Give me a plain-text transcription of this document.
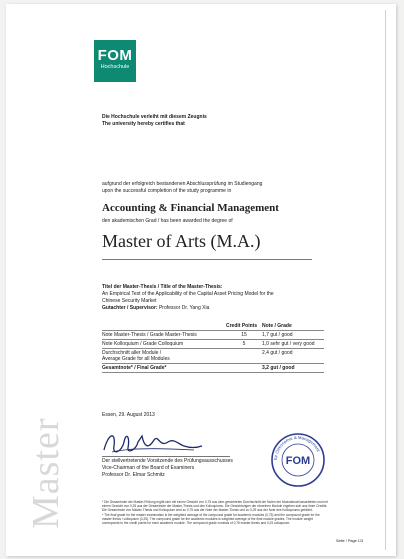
FOM
Hochschule
Die Hochschule verleiht mit diesem Zeugnis
The university hereby certifies that
aufgrund der erfolgreich bestandenen Abschlussprüfung im Studiengang
upon the successful completion of the study programme in
Accounting & Financial Management
den akademischen Grad / has been awarded the degree of
Master of Arts (M.A.)
Titel der Master-Thesis / Title of the Master-Thesis:
An Empirical Test of the Applicability of the Capital Asset Pricing Model for the
Chinese Security Market
Gutachter / Supervisor: Professor Dr. Yang Xia
	Credit Points	Note / Grade
Note Master-Thesis / Grade Master-Thesis	15	1,7 gut / good
Note Kolloquium / Grade Colloquium	5	1,0 sehr gut / very good
Durchschnitt aller Module /
Average Grade for all Modules		2,4 gut / good
Gesamtnote* / Final Grade*		3,2 gut / good
Master
Essen, 29. August 2013
Der stellvertretende Vorsitzende des Prüfungsausschusses
Vice-Chairman of the Board of Examiners
Professor Dr. Elmar Schmitz
für Oekonomie & Management
FOM
* Die Gesamtnote der Master-Prüfung ergibt sich mit einem Gewicht von 0,75 aus dem gewichteten Durchschnitt der Noten der Modulabschlussarbeiten und mit einem Gewicht von 0,25 aus der Gesamtnote der Master-Thesis und des Kolloquiums. Die Gewichtungen der einzelnen Module ergeben sich aus ihren Credits. Die Gesamtnote von Master-Thesis und Kolloquium wird zu 0,75 aus der Note der Master-Thesis und zu 0,25 aus der Note des Kolloquiums gebildet.
* The final grade for the master examination is the weighted average of the compound grade for academic modules (0,75) and the compound grade for the master thesis / colloquium (0,25). The compound grade for the academic modules is weighted average of the final module grades. The module weight corresponds to the credit points for each academic module. The compound grade consists of 0,75 master-thesis and 0,25 colloquium.
Seite / Page 1/3
